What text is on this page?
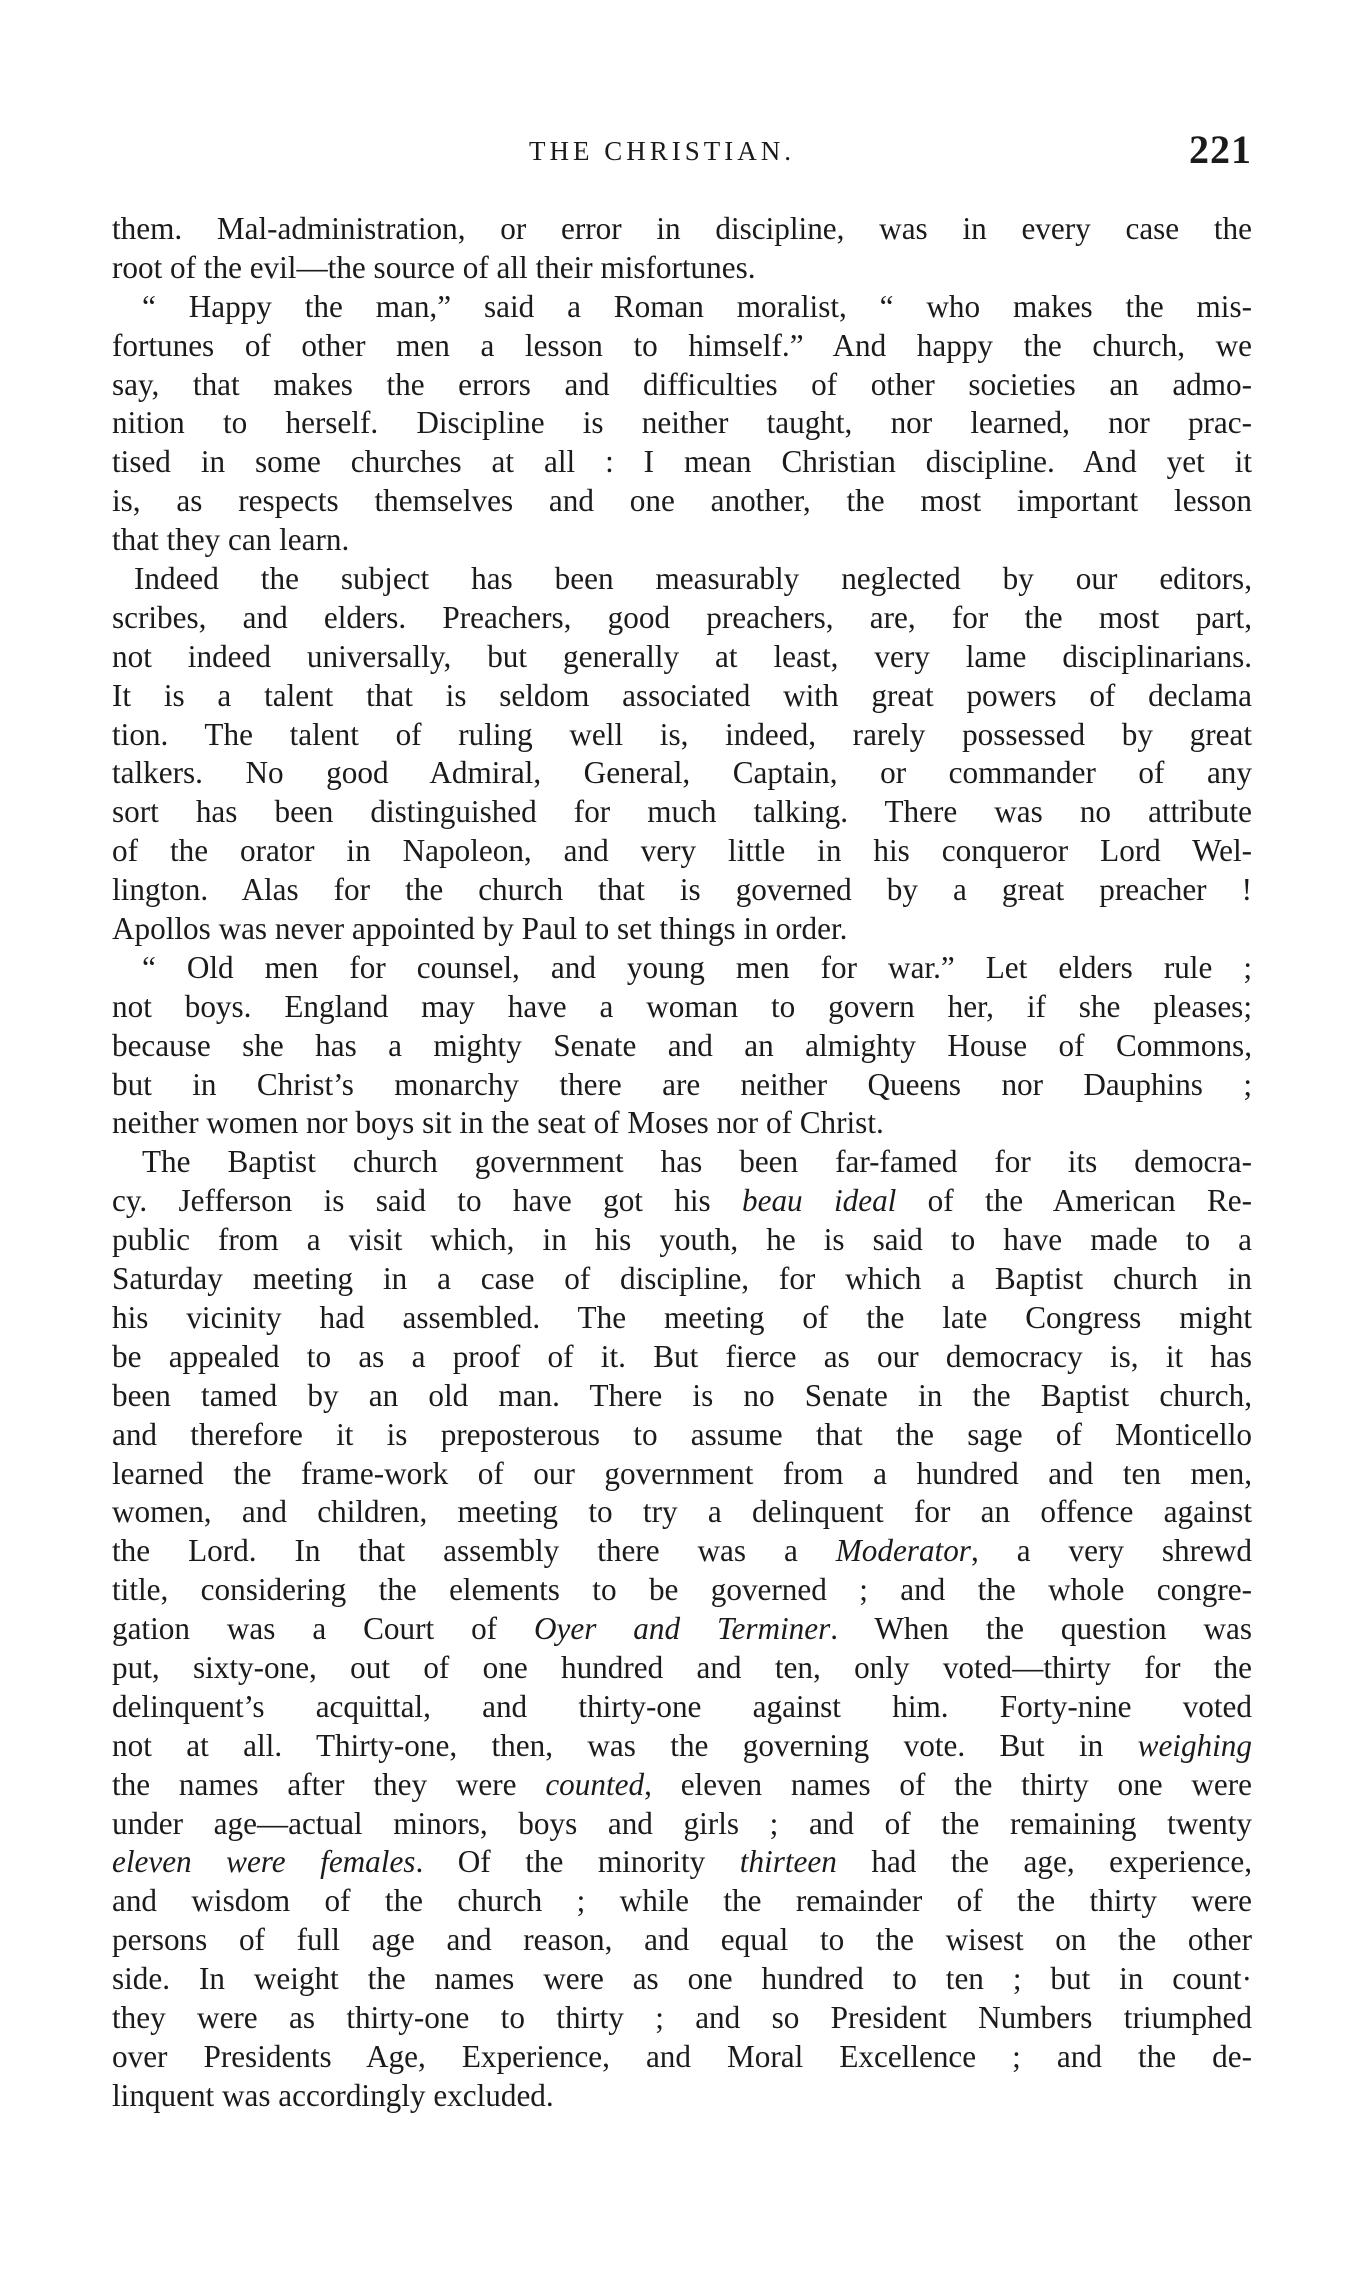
THE CHRISTIAN.	221
them. Mal-administration, or error in discipline, was in every case the
root of the evil—the source of all their misfortunes.
“ Happy the man,” said a Roman moralist, “ who makes the mis-
fortunes of other men a lesson to himself.” And happy the church, we
say, that makes the errors and difficulties of other societies an admo-
nition to herself. Discipline is neither taught, nor learned, nor prac-
tised in some churches at all : I mean Christian discipline. And yet it
is, as respects themselves and one another, the most important lesson
that they can learn.
Indeed the subject has been measurably neglected by our editors,
scribes, and elders. Preachers, good preachers, are, for the most part,
not indeed universally, but generally at least, very lame disciplinarians.
It is a talent that is seldom associated with great powers of declama
tion. The talent of ruling well is, indeed, rarely possessed by great
talkers. No good Admiral, General, Captain, or commander of any
sort has been distinguished for much talking. There was no attribute
of the orator in Napoleon, and very little in his conqueror Lord Wel-
lington. Alas for the church that is governed by a great preacher !
Apollos was never appointed by Paul to set things in order.
“ Old men for counsel, and young men for war.” Let elders rule ;
not boys. England may have a woman to govern her, if she pleases;
because she has a mighty Senate and an almighty House of Commons,
but in Christ’s monarchy there are neither Queens nor Dauphins ;
neither women nor boys sit in the seat of Moses nor of Christ.
The Baptist church government has been far-famed for its democra-
cy. Jefferson is said to have got his beau ideal of the American Re-
public from a visit which, in his youth, he is said to have made to a
Saturday meeting in a case of discipline, for which a Baptist church in
his vicinity had assembled. The meeting of the late Congress might
be appealed to as a proof of it. But fierce as our democracy is, it has
been tamed by an old man. There is no Senate in the Baptist church,
and therefore it is preposterous to assume that the sage of Monticello
learned the frame-work of our government from a hundred and ten men,
women, and children, meeting to try a delinquent for an offence against
the Lord. In that assembly there was a Moderator, a very shrewd
title, considering the elements to be governed ; and the whole congre-
gation was a Court of Oyer and Terminer. When the question was
put, sixty-one, out of one hundred and ten, only voted—thirty for the
delinquent’s acquittal, and thirty-one against him. Forty-nine voted
not at all. Thirty-one, then, was the governing vote. But in weighing
the names after they were counted, eleven names of the thirty one were
under age—actual minors, boys and girls ; and of the remaining twenty
eleven were females. Of the minority thirteen had the age, experience,
and wisdom of the church ; while the remainder of the thirty were
persons of full age and reason, and equal to the wisest on the other
side. In weight the names were as one hundred to ten ; but in count·
they were as thirty-one to thirty ; and so President Numbers triumphed
over Presidents Age, Experience, and Moral Excellence ; and the de-
linquent was accordingly excluded.
